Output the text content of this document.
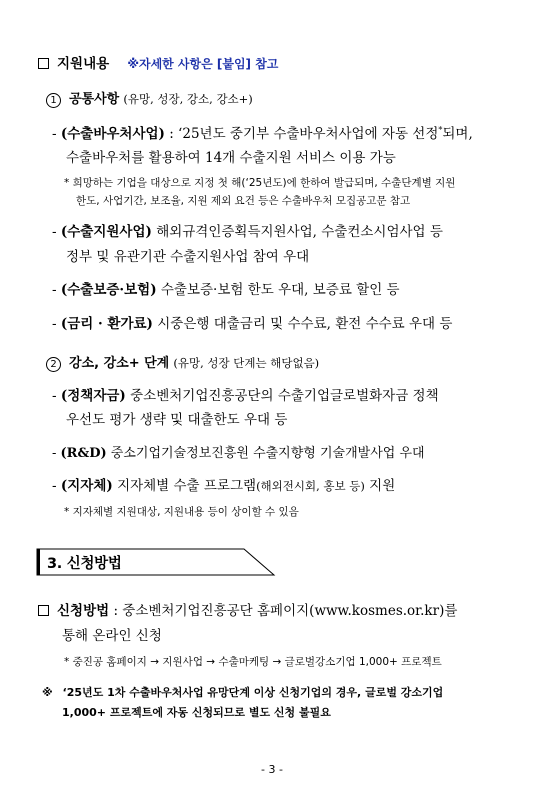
지원내용 ※자세한 사항은 [붙임] 참고
1 공통사항 (유망, 성장, 강소, 강소+)
- (수출바우처사업) : ‘25년도 중기부 수출바우처사업에 자동 선정*되며,
수출바우처를 활용하여 14개 수출지원 서비스 이용 가능
* 희망하는 기업을 대상으로 지정 첫 해(‘25년도)에 한하여 발급되며, 수출단계별 지원
한도, 사업기간, 보조율, 지원 제외 요건 등은 수출바우처 모집공고문 참고
- (수출지원사업) 해외규격인증획득지원사업, 수출컨소시엄사업 등
정부 및 유관기관 수출지원사업 참여 우대
- (수출보증·보험) 수출보증·보험 한도 우대, 보증료 할인 등
- (금리 · 환가료) 시중은행 대출금리 및 수수료, 환전 수수료 우대 등
2 강소, 강소+ 단계 (유망, 성장 단계는 해당없음)
- (정책자금) 중소벤처기업진흥공단의 수출기업글로벌화자금 정책
우선도 평가 생략 및 대출한도 우대 등
- (R&D) 중소기업기술정보진흥원 수출지향형 기술개발사업 우대
- (지자체) 지자체별 수출 프로그램(해외전시회, 홍보 등) 지원
* 지자체별 지원대상, 지원내용 등이 상이할 수 있음
3. 신청방법
신청방법 : 중소벤처기업진흥공단 홈페이지(www.kosmes.or.kr)를
통해 온라인 신청
* 중진공 홈페이지 → 지원사업 → 수출마케팅 → 글로벌강소기업 1,000+ 프로젝트
※ ‘25년도 1차 수출바우처사업 유망단계 이상 신청기업의 경우, 글로벌 강소기업
1,000+ 프로젝트에 자동 신청되므로 별도 신청 불필요
- 3 -
